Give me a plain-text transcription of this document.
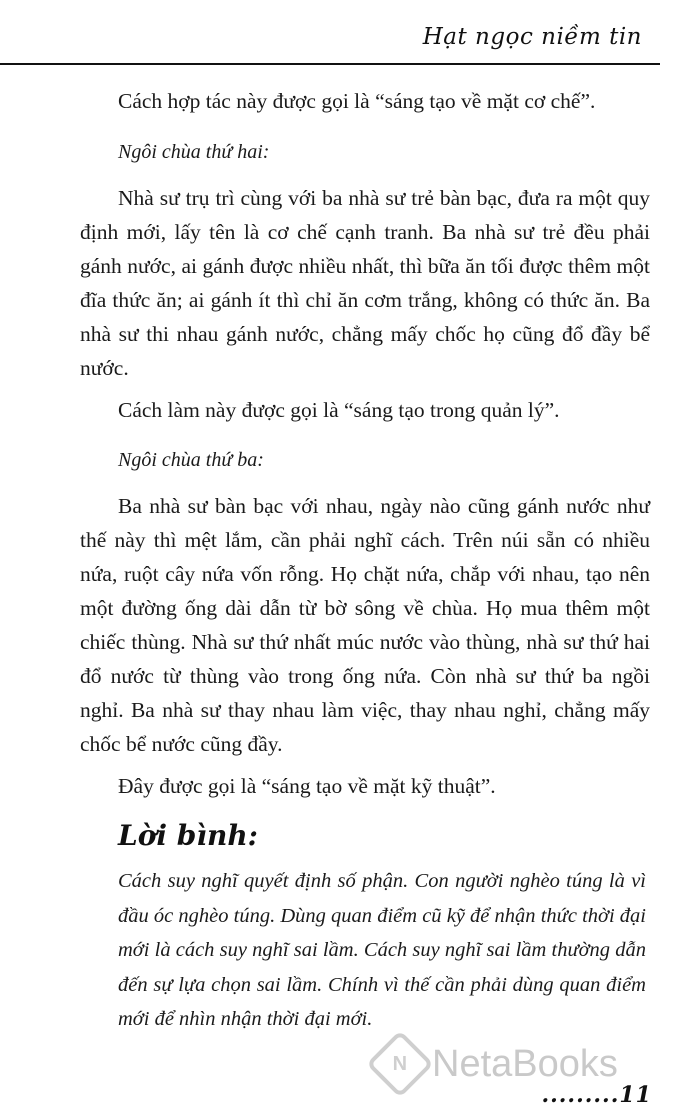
Hạt ngọc niềm tin

Cách hợp tác này được gọi là “sáng tạo về mặt cơ chế”.

Ngôi chùa thứ hai:

Nhà sư trụ trì cùng với ba nhà sư trẻ bàn bạc, đưa ra một quy định mới, lấy tên là cơ chế cạnh tranh. Ba nhà sư trẻ đều phải gánh nước, ai gánh được nhiều nhất, thì bữa ăn tối được thêm một đĩa thức ăn; ai gánh ít thì chỉ ăn cơm trắng, không có thức ăn. Ba nhà sư thi nhau gánh nước, chẳng mấy chốc họ cũng đổ đầy bể nước.

Cách làm này được gọi là “sáng tạo trong quản lý”.

Ngôi chùa thứ ba:

Ba nhà sư bàn bạc với nhau, ngày nào cũng gánh nước như thế này thì mệt lắm, cần phải nghĩ cách. Trên núi sẵn có nhiều nứa, ruột cây nứa vốn rỗng. Họ chặt nứa, chắp với nhau, tạo nên một đường ống dài dẫn từ bờ sông về chùa. Họ mua thêm một chiếc thùng. Nhà sư thứ nhất múc nước vào thùng, nhà sư thứ hai đổ nước từ thùng vào trong ống nứa. Còn nhà sư thứ ba ngồi nghỉ. Ba nhà sư thay nhau làm việc, thay nhau nghỉ, chẳng mấy chốc bể nước cũng đầy.

Đây được gọi là “sáng tạo về mặt kỹ thuật”.

Lời bình:

Cách suy nghĩ quyết định số phận. Con người nghèo túng là vì đầu óc nghèo túng. Dùng quan điểm cũ kỹ để nhận thức thời đại mới là cách suy nghĩ sai lầm. Cách suy nghĩ sai lầm thường dẫn đến sự lựa chọn sai lầm. Chính vì thế cần phải dùng quan điểm mới để nhìn nhận thời đại mới.

N NetaBooks
.........11
